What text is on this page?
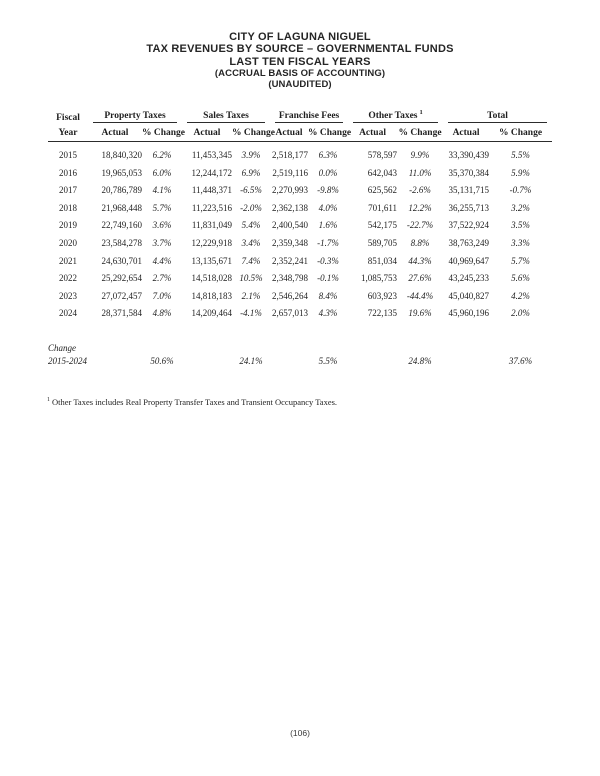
CITY OF LAGUNA NIGUEL
TAX REVENUES BY SOURCE – GOVERNMENTAL FUNDS
LAST TEN FISCAL YEARS
(ACCRUAL BASIS OF ACCOUNTING)
(UNAUDITED)
Fiscal	Property Taxes		Sales Taxes		Franchise Fees		Other Taxes $^1$		Total	

Year	Actual	% Change	Actual	% Change	Actual	% Change	Actual	% Change	Actual	% Change

2015	18,840,320	6.2%	11,453,345	3.9%	2,518,177	6.3%	578,597	9.9%	33,390,439	5.5%
2016	19,965,053	6.0%	12,244,172	6.9%	2,519,116	0.0%	642,043	11.0%	35,370,384	5.9%
2017	20,786,789	4.1%	11,448,371	-6.5%	2,270,993	-9.8%	625,562	-2.6%	35,131,715	-0.7%
2018	21,968,448	5.7%	11,223,516	-2.0%	2,362,138	4.0%	701,611	12.2%	36,255,713	3.2%
2019	22,749,160	3.6%	11,831,049	5.4%	2,400,540	1.6%	542,175	-22.7%	37,522,924	3.5%
2020	23,584,278	3.7%	12,229,918	3.4%	2,359,348	-1.7%	589,705	8.8%	38,763,249	3.3%
2021	24,630,701	4.4%	13,135,671	7.4%	2,352,241	-0.3%	851,034	44.3%	40,969,647	5.7%
2022	25,292,654	2.7%	14,518,028	10.5%	2,348,798	-0.1%	1,085,753	27.6%	43,245,233	5.6%
2023	27,072,457	7.0%	14,818,183	2.1%	2,546,264	8.4%	603,923	-44.4%	45,040,827	4.2%
2024	28,371,584	4.8%	14,209,464	-4.1%	2,657,013	4.3%	722,135	19.6%	45,960,196	2.0%

Change										
2015-2024		50.6%		24.1%		5.5%		24.8%		37.6%
$^1$ Other Taxes includes Real Property Transfer Taxes and Transient Occupancy Taxes.
(106)
